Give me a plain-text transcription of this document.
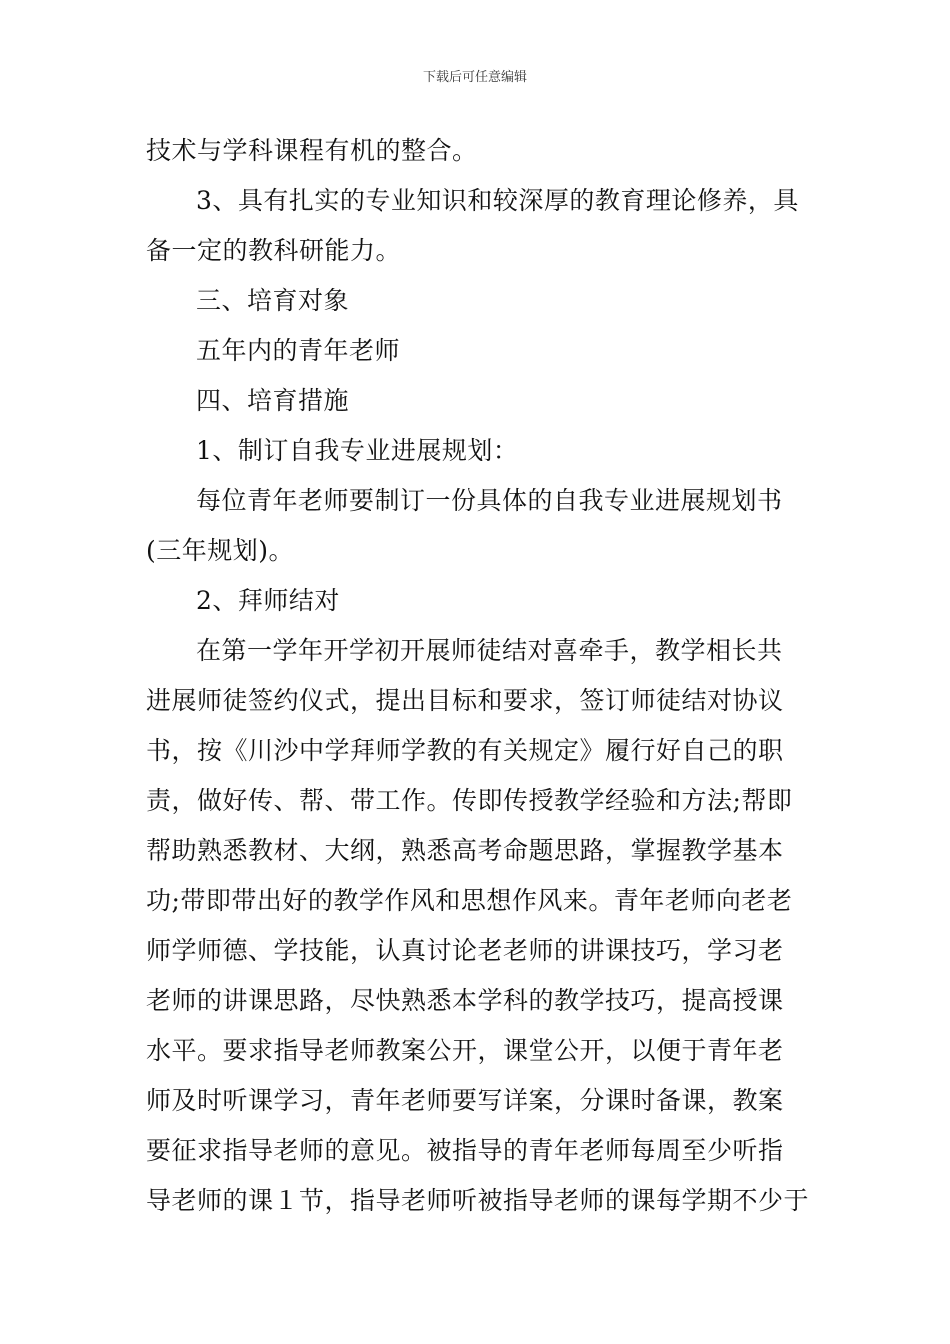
下载后可任意编辑
技术与学科课程有机的整合。
3、具有扎实的专业知识和较深厚的教育理论修养，具
备一定的教科研能力。
三、培育对象
五年内的青年老师
四、培育措施
1、制订自我专业进展规划：
每位青年老师要制订一份具体的自我专业进展规划书
(三年规划)。
2、拜师结对
在第一学年开学初开展师徒结对喜牵手，教学相长共
进展师徒签约仪式，提出目标和要求，签订师徒结对协议
书，按《川沙中学拜师学教的有关规定》履行好自己的职
责，做好传、帮、带工作。传即传授教学经验和方法;帮即
帮助熟悉教材、大纲，熟悉高考命题思路，掌握教学基本
功;带即带出好的教学作风和思想作风来。青年老师向老老
师学师德、学技能，认真讨论老老师的讲课技巧，学习老
老师的讲课思路，尽快熟悉本学科的教学技巧，提高授课
水平。要求指导老师教案公开，课堂公开，以便于青年老
师及时听课学习，青年老师要写详案，分课时备课，教案
要征求指导老师的意见。被指导的青年老师每周至少听指
导老师的课１节，指导老师听被指导老师的课每学期不少于
